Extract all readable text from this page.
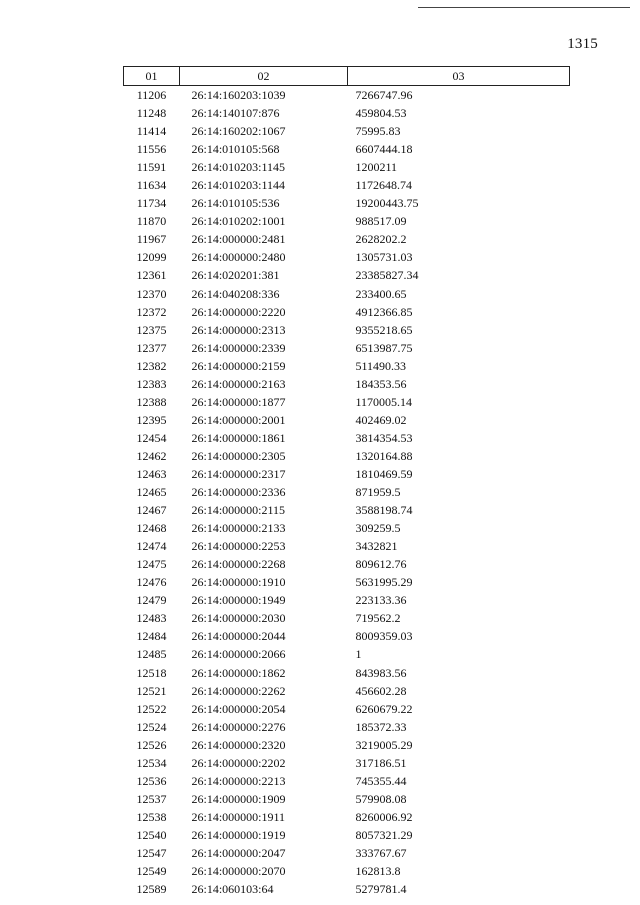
1315
01	02	03
11206	26:14:160203:1039	7266747.96
11248	26:14:140107:876	459804.53
11414	26:14:160202:1067	75995.83
11556	26:14:010105:568	6607444.18
11591	26:14:010203:1145	1200211
11634	26:14:010203:1144	1172648.74
11734	26:14:010105:536	19200443.75
11870	26:14:010202:1001	988517.09
11967	26:14:000000:2481	2628202.2
12099	26:14:000000:2480	1305731.03
12361	26:14:020201:381	23385827.34
12370	26:14:040208:336	233400.65
12372	26:14:000000:2220	4912366.85
12375	26:14:000000:2313	9355218.65
12377	26:14:000000:2339	6513987.75
12382	26:14:000000:2159	511490.33
12383	26:14:000000:2163	184353.56
12388	26:14:000000:1877	1170005.14
12395	26:14:000000:2001	402469.02
12454	26:14:000000:1861	3814354.53
12462	26:14:000000:2305	1320164.88
12463	26:14:000000:2317	1810469.59
12465	26:14:000000:2336	871959.5
12467	26:14:000000:2115	3588198.74
12468	26:14:000000:2133	309259.5
12474	26:14:000000:2253	3432821
12475	26:14:000000:2268	809612.76
12476	26:14:000000:1910	5631995.29
12479	26:14:000000:1949	223133.36
12483	26:14:000000:2030	719562.2
12484	26:14:000000:2044	8009359.03
12485	26:14:000000:2066	1
12518	26:14:000000:1862	843983.56
12521	26:14:000000:2262	456602.28
12522	26:14:000000:2054	6260679.22
12524	26:14:000000:2276	185372.33
12526	26:14:000000:2320	3219005.29
12534	26:14:000000:2202	317186.51
12536	26:14:000000:2213	745355.44
12537	26:14:000000:1909	579908.08
12538	26:14:000000:1911	8260006.92
12540	26:14:000000:1919	8057321.29
12547	26:14:000000:2047	333767.67
12549	26:14:000000:2070	162813.8
12589	26:14:060103:64	5279781.4
